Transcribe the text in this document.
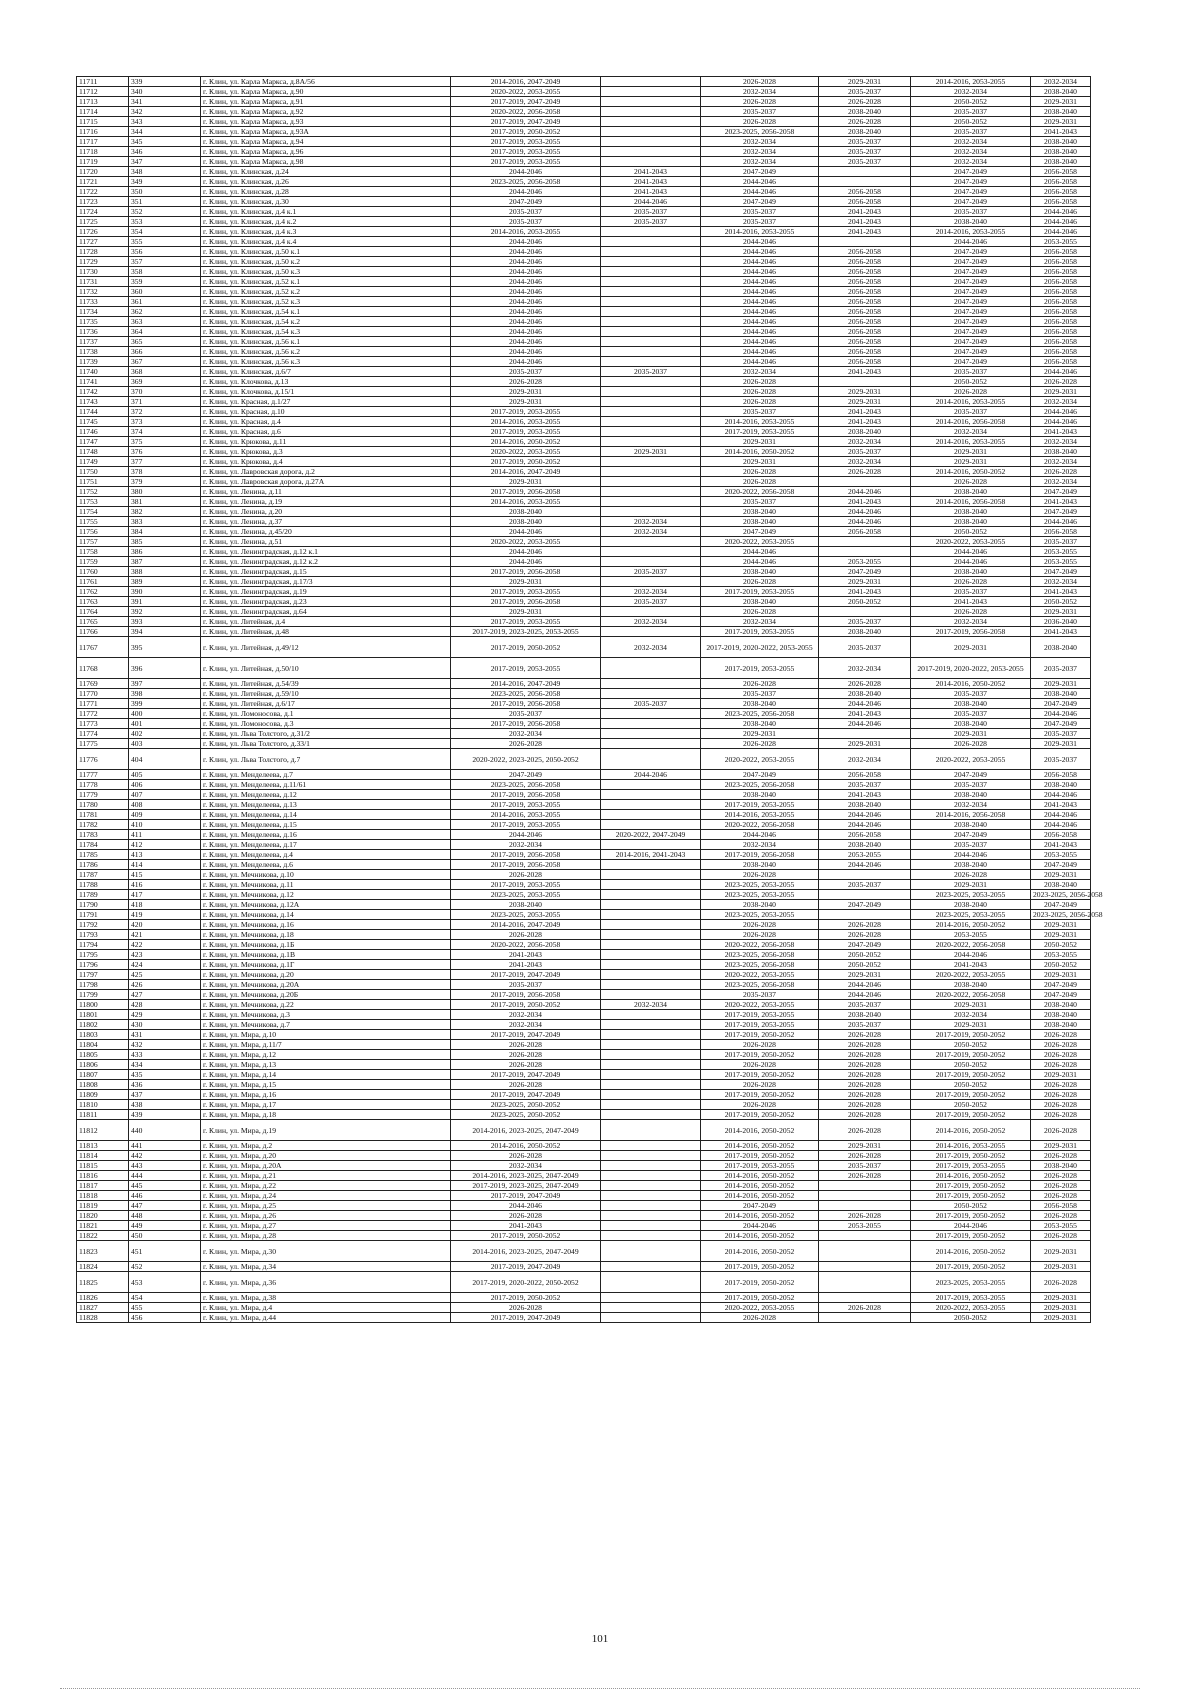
11711	339	г. Клин, ул. Карла Маркса, д.8А/56	2014-2016, 2047-2049		2026-2028	2029-2031	2014-2016, 2053-2055	2032-2034
11712	340	г. Клин, ул. Карла Маркса, д.90	2020-2022, 2053-2055		2032-2034	2035-2037	2032-2034	2038-2040
11713	341	г. Клин, ул. Карла Маркса, д.91	2017-2019, 2047-2049		2026-2028	2026-2028	2050-2052	2029-2031
11714	342	г. Клин, ул. Карла Маркса, д.92	2020-2022, 2056-2058		2035-2037	2038-2040	2035-2037	2038-2040
11715	343	г. Клин, ул. Карла Маркса, д.93	2017-2019, 2047-2049		2026-2028	2026-2028	2050-2052	2029-2031
11716	344	г. Клин, ул. Карла Маркса, д.93А	2017-2019, 2050-2052		2023-2025, 2056-2058	2038-2040	2035-2037	2041-2043
11717	345	г. Клин, ул. Карла Маркса, д.94	2017-2019, 2053-2055		2032-2034	2035-2037	2032-2034	2038-2040
11718	346	г. Клин, ул. Карла Маркса, д.96	2017-2019, 2053-2055		2032-2034	2035-2037	2032-2034	2038-2040
11719	347	г. Клин, ул. Карла Маркса, д.98	2017-2019, 2053-2055		2032-2034	2035-2037	2032-2034	2038-2040
11720	348	г. Клин, ул. Клинская, д.24	2044-2046	2041-2043	2047-2049		2047-2049	2056-2058
11721	349	г. Клин, ул. Клинская, д.26	2023-2025, 2056-2058	2041-2043	2044-2046		2047-2049	2056-2058
11722	350	г. Клин, ул. Клинская, д.28	2044-2046	2041-2043	2044-2046	2056-2058	2047-2049	2056-2058
11723	351	г. Клин, ул. Клинская, д.30	2047-2049	2044-2046	2047-2049	2056-2058	2047-2049	2056-2058
11724	352	г. Клин, ул. Клинская, д.4 к.1	2035-2037	2035-2037	2035-2037	2041-2043	2035-2037	2044-2046
11725	353	г. Клин, ул. Клинская, д.4 к.2	2035-2037	2035-2037	2035-2037	2041-2043	2038-2040	2044-2046
11726	354	г. Клин, ул. Клинская, д.4 к.3	2014-2016, 2053-2055		2014-2016, 2053-2055	2041-2043	2014-2016, 2053-2055	2044-2046
11727	355	г. Клин, ул. Клинская, д.4 к.4	2044-2046		2044-2046		2044-2046	2053-2055
11728	356	г. Клин, ул. Клинская, д.50 к.1	2044-2046		2044-2046	2056-2058	2047-2049	2056-2058
11729	357	г. Клин, ул. Клинская, д.50 к.2	2044-2046		2044-2046	2056-2058	2047-2049	2056-2058
11730	358	г. Клин, ул. Клинская, д.50 к.3	2044-2046		2044-2046	2056-2058	2047-2049	2056-2058
11731	359	г. Клин, ул. Клинская, д.52 к.1	2044-2046		2044-2046	2056-2058	2047-2049	2056-2058
11732	360	г. Клин, ул. Клинская, д.52 к.2	2044-2046		2044-2046	2056-2058	2047-2049	2056-2058
11733	361	г. Клин, ул. Клинская, д.52 к.3	2044-2046		2044-2046	2056-2058	2047-2049	2056-2058
11734	362	г. Клин, ул. Клинская, д.54 к.1	2044-2046		2044-2046	2056-2058	2047-2049	2056-2058
11735	363	г. Клин, ул. Клинская, д.54 к.2	2044-2046		2044-2046	2056-2058	2047-2049	2056-2058
11736	364	г. Клин, ул. Клинская, д.54 к.3	2044-2046		2044-2046	2056-2058	2047-2049	2056-2058
11737	365	г. Клин, ул. Клинская, д.56 к.1	2044-2046		2044-2046	2056-2058	2047-2049	2056-2058
11738	366	г. Клин, ул. Клинская, д.56 к.2	2044-2046		2044-2046	2056-2058	2047-2049	2056-2058
11739	367	г. Клин, ул. Клинская, д.56 к.3	2044-2046		2044-2046	2056-2058	2047-2049	2056-2058
11740	368	г. Клин, ул. Клинская, д.6/7	2035-2037	2035-2037	2032-2034	2041-2043	2035-2037	2044-2046
11741	369	г. Клин, ул. Клочкова, д.13	2026-2028		2026-2028		2050-2052	2026-2028
11742	370	г. Клин, ул. Клочкова, д.15/1	2029-2031		2026-2028	2029-2031	2026-2028	2029-2031
11743	371	г. Клин, ул. Красная, д.1/27	2029-2031		2026-2028	2029-2031	2014-2016, 2053-2055	2032-2034
11744	372	г. Клин, ул. Красная, д.10	2017-2019, 2053-2055		2035-2037	2041-2043	2035-2037	2044-2046
11745	373	г. Клин, ул. Красная, д.4	2014-2016, 2053-2055		2014-2016, 2053-2055	2041-2043	2014-2016, 2056-2058	2044-2046
11746	374	г. Клин, ул. Красная, д.6	2017-2019, 2053-2055		2017-2019, 2053-2055	2038-2040	2032-2034	2041-2043
11747	375	г. Клин, ул. Крюкова, д.11	2014-2016, 2050-2052		2029-2031	2032-2034	2014-2016, 2053-2055	2032-2034
11748	376	г. Клин, ул. Крюкова, д.3	2020-2022, 2053-2055	2029-2031	2014-2016, 2050-2052	2035-2037	2029-2031	2038-2040
11749	377	г. Клин, ул. Крюкова, д.4	2017-2019, 2050-2052		2029-2031	2032-2034	2029-2031	2032-2034
11750	378	г. Клин, ул. Лавровская дорога, д.2	2014-2016, 2047-2049		2026-2028	2026-2028	2014-2016, 2050-2052	2026-2028
11751	379	г. Клин, ул. Лавровская дорога, д.27А	2029-2031		2026-2028		2026-2028	2032-2034
11752	380	г. Клин, ул. Ленина, д.11	2017-2019, 2056-2058		2020-2022, 2056-2058	2044-2046	2038-2040	2047-2049
11753	381	г. Клин, ул. Ленина, д.19	2014-2016, 2053-2055		2035-2037	2041-2043	2014-2016, 2056-2058	2041-2043
11754	382	г. Клин, ул. Ленина, д.20	2038-2040		2038-2040	2044-2046	2038-2040	2047-2049
11755	383	г. Клин, ул. Ленина, д.37	2038-2040	2032-2034	2038-2040	2044-2046	2038-2040	2044-2046
11756	384	г. Клин, ул. Ленина, д.45/20	2044-2046	2032-2034	2047-2049	2056-2058	2050-2052	2056-2058
11757	385	г. Клин, ул. Ленина, д.51	2020-2022, 2053-2055		2020-2022, 2053-2055		2020-2022, 2053-2055	2035-2037
11758	386	г. Клин, ул. Ленинградская, д.12 к.1	2044-2046		2044-2046		2044-2046	2053-2055
11759	387	г. Клин, ул. Ленинградская, д.12 к.2	2044-2046		2044-2046	2053-2055	2044-2046	2053-2055
11760	388	г. Клин, ул. Ленинградская, д.15	2017-2019, 2056-2058	2035-2037	2038-2040	2047-2049	2038-2040	2047-2049
11761	389	г. Клин, ул. Ленинградская, д.17/3	2029-2031		2026-2028	2029-2031	2026-2028	2032-2034
11762	390	г. Клин, ул. Ленинградская, д.19	2017-2019, 2053-2055	2032-2034	2017-2019, 2053-2055	2041-2043	2035-2037	2041-2043
11763	391	г. Клин, ул. Ленинградская, д.23	2017-2019, 2056-2058	2035-2037	2038-2040	2050-2052	2041-2043	2050-2052
11764	392	г. Клин, ул. Ленинградская, д.64	2029-2031		2026-2028		2026-2028	2029-2031
11765	393	г. Клин, ул. Литейная, д.4	2017-2019, 2053-2055	2032-2034	2032-2034	2035-2037	2032-2034	2036-2040
11766	394	г. Клин, ул. Литейная, д.48	2017-2019, 2023-2025, 2053-2055		2017-2019, 2053-2055	2038-2040	2017-2019, 2056-2058	2041-2043
11767	395	г. Клин, ул. Литейная, д.49/12	2017-2019, 2050-2052	2032-2034	2017-2019, 2020-2022, 2053-2055	2035-2037	2029-2031	2038-2040
11768	396	г. Клин, ул. Литейная, д.50/10	2017-2019, 2053-2055		2017-2019, 2053-2055	2032-2034	2017-2019, 2020-2022, 2053-2055	2035-2037
11769	397	г. Клин, ул. Литейная, д.54/39	2014-2016, 2047-2049		2026-2028	2026-2028	2014-2016, 2050-2052	2029-2031
11770	398	г. Клин, ул. Литейная, д.59/10	2023-2025, 2056-2058		2035-2037	2038-2040	2035-2037	2038-2040
11771	399	г. Клин, ул. Литейная, д.6/17	2017-2019, 2056-2058	2035-2037	2038-2040	2044-2046	2038-2040	2047-2049
11772	400	г. Клин, ул. Ломоносова, д.1	2035-2037		2023-2025, 2056-2058	2041-2043	2035-2037	2044-2046
11773	401	г. Клин, ул. Ломоносова, д.3	2017-2019, 2056-2058		2038-2040	2044-2046	2038-2040	2047-2049
11774	402	г. Клин, ул. Льва Толстого, д.31/2	2032-2034		2029-2031		2029-2031	2035-2037
11775	403	г. Клин, ул. Льва Толстого, д.33/1	2026-2028		2026-2028	2029-2031	2026-2028	2029-2031
11776	404	г. Клин, ул. Льва Толстого, д.7	2020-2022, 2023-2025, 2050-2052		2020-2022, 2053-2055	2032-2034	2020-2022, 2053-2055	2035-2037
11777	405	г. Клин, ул. Менделеева, д.7	2047-2049	2044-2046	2047-2049	2056-2058	2047-2049	2056-2058
11778	406	г. Клин, ул. Менделеева, д.11/61	2023-2025, 2056-2058		2023-2025, 2056-2058	2035-2037	2035-2037	2038-2040
11779	407	г. Клин, ул. Менделеева, д.12	2017-2019, 2056-2058		2038-2040	2041-2043	2038-2040	2044-2046
11780	408	г. Клин, ул. Менделеева, д.13	2017-2019, 2053-2055		2017-2019, 2053-2055	2038-2040	2032-2034	2041-2043
11781	409	г. Клин, ул. Менделеева, д.14	2014-2016, 2053-2055		2014-2016, 2053-2055	2044-2046	2014-2016, 2056-2058	2044-2046
11782	410	г. Клин, ул. Менделеева, д.15	2017-2019, 2053-2055		2020-2022, 2056-2058	2044-2046	2038-2040	2044-2046
11783	411	г. Клин, ул. Менделеева, д.16	2044-2046	2020-2022, 2047-2049	2044-2046	2056-2058	2047-2049	2056-2058
11784	412	г. Клин, ул. Менделеева, д.17	2032-2034		2032-2034	2038-2040	2035-2037	2041-2043
11785	413	г. Клин, ул. Менделеева, д.4	2017-2019, 2056-2058	2014-2016, 2041-2043	2017-2019, 2056-2058	2053-2055	2044-2046	2053-2055
11786	414	г. Клин, ул. Менделеева, д.6	2017-2019, 2056-2058		2038-2040	2044-2046	2038-2040	2047-2049
11787	415	г. Клин, ул. Мечникова, д.10	2026-2028		2026-2028		2026-2028	2029-2031
11788	416	г. Клин, ул. Мечникова, д.11	2017-2019, 2053-2055		2023-2025, 2053-2055	2035-2037	2029-2031	2038-2040
11789	417	г. Клин, ул. Мечникова, д.12	2023-2025, 2053-2055		2023-2025, 2053-2055		2023-2025, 2053-2055	2023-2025, 2056-2058
11790	418	г. Клин, ул. Мечникова, д.12А	2038-2040		2038-2040	2047-2049	2038-2040	2047-2049
11791	419	г. Клин, ул. Мечникова, д.14	2023-2025, 2053-2055		2023-2025, 2053-2055		2023-2025, 2053-2055	2023-2025, 2056-2058
11792	420	г. Клин, ул. Мечникова, д.16	2014-2016, 2047-2049		2026-2028	2026-2028	2014-2016, 2050-2052	2029-2031
11793	421	г. Клин, ул. Мечникова, д.18	2026-2028		2026-2028	2026-2028	2053-2055	2029-2031
11794	422	г. Клин, ул. Мечникова, д.1Б	2020-2022, 2056-2058		2020-2022, 2056-2058	2047-2049	2020-2022, 2056-2058	2050-2052
11795	423	г. Клин, ул. Мечникова, д.1В	2041-2043		2023-2025, 2056-2058	2050-2052	2044-2046	2053-2055
11796	424	г. Клин, ул. Мечникова, д.1Г	2041-2043		2023-2025, 2056-2058	2050-2052	2041-2043	2050-2052
11797	425	г. Клин, ул. Мечникова, д.20	2017-2019, 2047-2049		2020-2022, 2053-2055	2029-2031	2020-2022, 2053-2055	2029-2031
11798	426	г. Клин, ул. Мечникова, д.20А	2035-2037		2023-2025, 2056-2058	2044-2046	2038-2040	2047-2049
11799	427	г. Клин, ул. Мечникова, д.20Б	2017-2019, 2056-2058		2035-2037	2044-2046	2020-2022, 2056-2058	2047-2049
11800	428	г. Клин, ул. Мечникова, д.22	2017-2019, 2050-2052	2032-2034	2020-2022, 2053-2055	2035-2037	2029-2031	2038-2040
11801	429	г. Клин, ул. Мечникова, д.3	2032-2034		2017-2019, 2053-2055	2038-2040	2032-2034	2038-2040
11802	430	г. Клин, ул. Мечникова, д.7	2032-2034		2017-2019, 2053-2055	2035-2037	2029-2031	2038-2040
11803	431	г. Клин, ул. Мира, д.10	2017-2019, 2047-2049		2017-2019, 2050-2052	2026-2028	2017-2019, 2050-2052	2026-2028
11804	432	г. Клин, ул. Мира, д.11/7	2026-2028		2026-2028	2026-2028	2050-2052	2026-2028
11805	433	г. Клин, ул. Мира, д.12	2026-2028		2017-2019, 2050-2052	2026-2028	2017-2019, 2050-2052	2026-2028
11806	434	г. Клин, ул. Мира, д.13	2026-2028		2026-2028	2026-2028	2050-2052	2026-2028
11807	435	г. Клин, ул. Мира, д.14	2017-2019, 2047-2049		2017-2019, 2050-2052	2026-2028	2017-2019, 2050-2052	2029-2031
11808	436	г. Клин, ул. Мира, д.15	2026-2028		2026-2028	2026-2028	2050-2052	2026-2028
11809	437	г. Клин, ул. Мира, д.16	2017-2019, 2047-2049		2017-2019, 2050-2052	2026-2028	2017-2019, 2050-2052	2026-2028
11810	438	г. Клин, ул. Мира, д.17	2023-2025, 2050-2052		2026-2028	2026-2028	2050-2052	2026-2028
11811	439	г. Клин, ул. Мира, д.18	2023-2025, 2050-2052		2017-2019, 2050-2052	2026-2028	2017-2019, 2050-2052	2026-2028
11812	440	г. Клин, ул. Мира, д.19	2014-2016, 2023-2025, 2047-2049		2014-2016, 2050-2052	2026-2028	2014-2016, 2050-2052	2026-2028
11813	441	г. Клин, ул. Мира, д.2	2014-2016, 2050-2052		2014-2016, 2050-2052	2029-2031	2014-2016, 2053-2055	2029-2031
11814	442	г. Клин, ул. Мира, д.20	2026-2028		2017-2019, 2050-2052	2026-2028	2017-2019, 2050-2052	2026-2028
11815	443	г. Клин, ул. Мира, д.20А	2032-2034		2017-2019, 2053-2055	2035-2037	2017-2019, 2053-2055	2038-2040
11816	444	г. Клин, ул. Мира, д.21	2014-2016, 2023-2025, 2047-2049		2014-2016, 2050-2052	2026-2028	2014-2016, 2050-2052	2026-2028
11817	445	г. Клин, ул. Мира, д.22	2017-2019, 2023-2025, 2047-2049		2014-2016, 2050-2052		2017-2019, 2050-2052	2026-2028
11818	446	г. Клин, ул. Мира, д.24	2017-2019, 2047-2049		2014-2016, 2050-2052		2017-2019, 2050-2052	2026-2028
11819	447	г. Клин, ул. Мира, д.25	2044-2046		2047-2049		2050-2052	2056-2058
11820	448	г. Клин, ул. Мира, д.26	2026-2028		2014-2016, 2050-2052	2026-2028	2017-2019, 2050-2052	2026-2028
11821	449	г. Клин, ул. Мира, д.27	2041-2043		2044-2046	2053-2055	2044-2046	2053-2055
11822	450	г. Клин, ул. Мира, д.28	2017-2019, 2050-2052		2014-2016, 2050-2052		2017-2019, 2050-2052	2026-2028
11823	451	г. Клин, ул. Мира, д.30	2014-2016, 2023-2025, 2047-2049		2014-2016, 2050-2052		2014-2016, 2050-2052	2029-2031
11824	452	г. Клин, ул. Мира, д.34	2017-2019, 2047-2049		2017-2019, 2050-2052		2017-2019, 2050-2052	2029-2031
11825	453	г. Клин, ул. Мира, д.36	2017-2019, 2020-2022, 2050-2052		2017-2019, 2050-2052		2023-2025, 2053-2055	2026-2028
11826	454	г. Клин, ул. Мира, д.38	2017-2019, 2050-2052		2017-2019, 2050-2052		2017-2019, 2053-2055	2029-2031
11827	455	г. Клин, ул. Мира, д.4	2026-2028		2020-2022, 2053-2055	2026-2028	2020-2022, 2053-2055	2029-2031
11828	456	г. Клин, ул. Мира, д.44	2017-2019, 2047-2049		2026-2028		2050-2052	2029-2031
101
